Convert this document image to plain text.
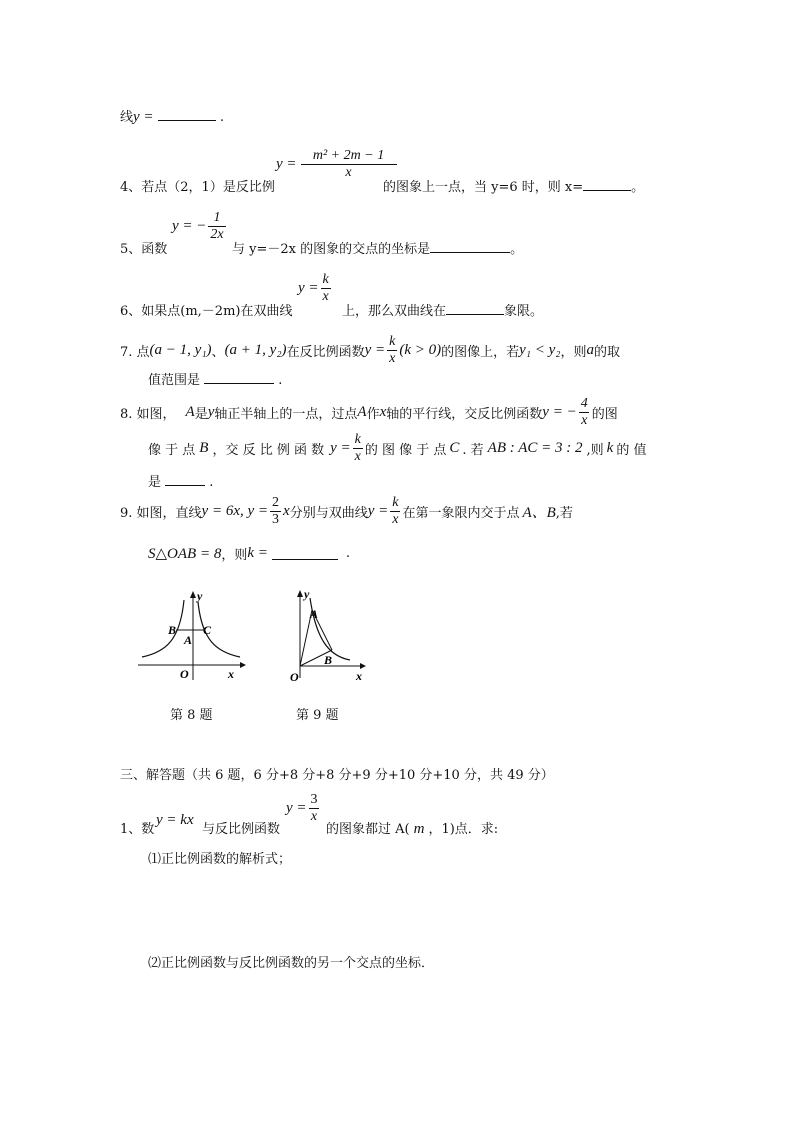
线y =	.
4、若点（2，1）是反比例
$y = \frac{\text{m² + 2m − 1}}{x}$
的图象上一点，当 y=6 时，则 x=	。
5、函数
y = − $\frac{1}{2x}$
与 y=－2x 的图象的交点的坐标是	。
6、如果点(m,－2m)在双曲线
$y = \frac{k}{x}$
上，那么双曲线在	象限。
7. 点 (a − 1, y₁) 、 (a + 1, y₂) 在反比例函数 $y = \frac{k}{x} (k > 0)$ 的图像上，若 y₁ < y₂ ，则 a 的取
值范围是	.
8. 如图， A 是 y 轴正半轴上的一点，过点 A 作 x 轴的平行线，交反比例函数 y = − $\frac{4}{x}$ 的图
像 于 点 B ，交 反 比 例 函 数 $y = \frac{k}{x}$ 的 图 像 于 点 C . 若 AB : AC = 3 : 2 ,则 k 的 值
是	.
9. 如图，直线 y = 6x, $y = \frac{2}{3}$ x 分别与双曲线 $y = \frac{k}{x}$ 在第一象限内交于点 A、B ,若
S△OAB = 8 ，则 k =	.
B C
A
O	x
y
第 8 题
A
B
O	x
y
第 9 题
三、解答题（共 6 题，6 分+8 分+8 分+9 分+10 分+10 分，共 49 分）
1、数
y = kx
与反比例函数
$y = \frac{3}{x}$
的图象都过 A( m ，1)点．求:
⑴正比例函数的解析式；
⑵正比例函数与反比例函数的另一个交点的坐标．
